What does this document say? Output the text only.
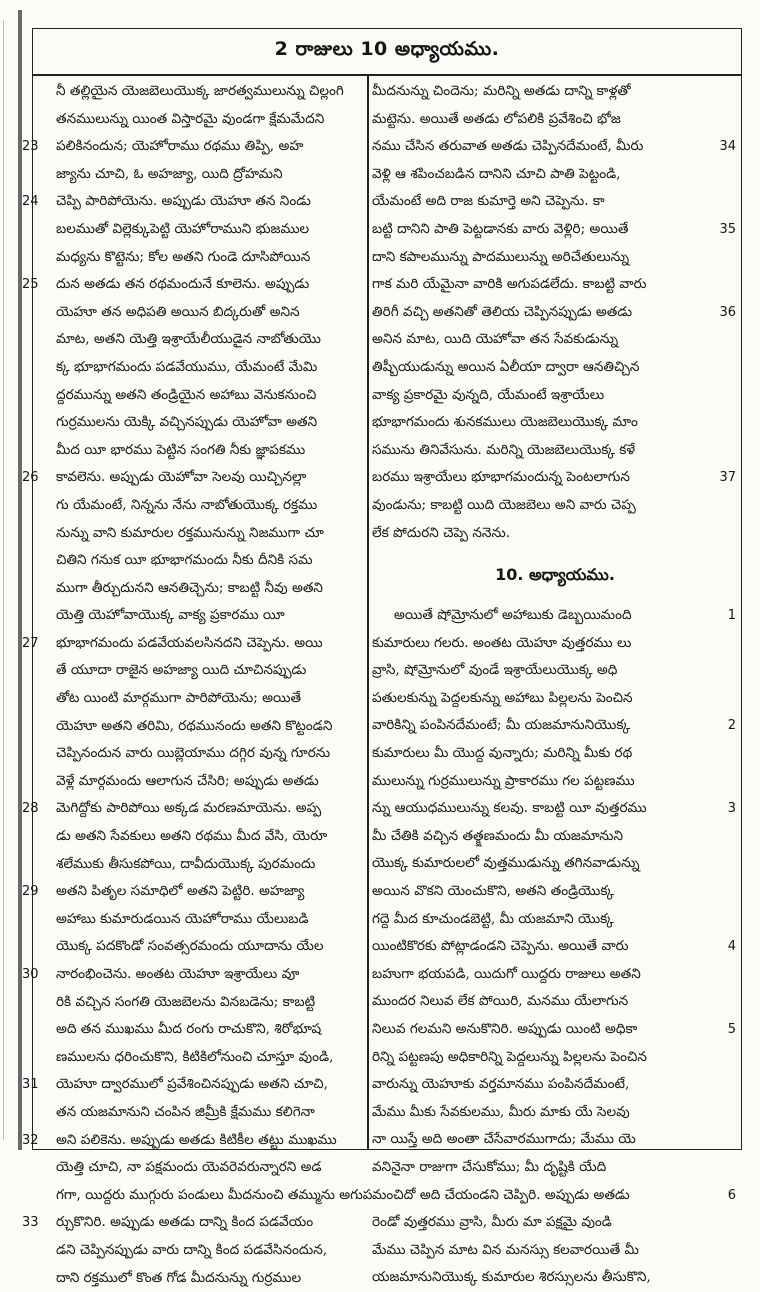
2 రాజులు 10 అధ్యాయము.
నీ తల్లియైన యెజబెలుయొక్క జారత్వములున్ను చిల్లంగి
తనములున్ను యింత విస్తారమై వుండగా క్షేమమేదని
23 పలికినందున; యెహోరాము రథము తిప్పి, అహ
జ్యాను చూచి, ఓ అహజ్యా, యిది ద్రోహమని
24 చెప్పి పారిపోయెను. అప్పుడు యెహూ తన నిండు
బలముతో విల్లెక్కుపెట్టి యెహోరాముని భుజముల
మధ్యను కొట్టెను; కోల అతని గుండె దూసిపోయిన
25 దున అతడు తన రథమందునే కూలెను. అప్పుడు
యెహూ తన అధిపతి అయిన బిద్కరుతో అనిన
మాట, అతని యెత్తి ఇశ్రాయేలీయుడైన నాబోతుయొ
క్క భూభాగమందు పడవేయుము, యేమంటే మేమి
ద్దరమున్ను అతని తండ్రియైన అహాబు వెనుకనుంచి
గుర్రములను యెక్కి వచ్చినప్పుడు యెహోవా అతని
మీద యీ భారము పెట్టిన సంగతి నీకు జ్ఞాపకము
26 కావలెను. అప్పుడు యెహోవా సెలవు యిచ్చినల్లా
గు యేమంటే, నిన్నను నేను నాబోతుయొక్క రక్తము
నున్ను వాని కుమారుల రక్తమునున్ను నిజముగా చూ
చితిని గనుక యీ భూభాగమందు నీకు దీనికి సమ
ముగా తీర్చుదునని ఆనతిచ్చెను; కాబట్టి నీవు అతని
యెత్తి యెహోవాయొక్క వాక్య ప్రకారము యీ
27 భూభాగమందు పడవేయవలసినదని చెప్పెను. అయి
తే యూదా రాజైన అహజ్యా యిది చూచినప్పుడు
తోట యింటి మార్గముగా పారిపోయెను; అయితే
యెహూ అతని తరిమి, రథమునందు అతని కొట్టండని
చెప్పినందున వారు యిబ్లెయాము దగ్గిర వున్న గూరను
వెళ్లే మార్గమందు ఆలాగున చేసిరి; అప్పుడు అతడు
28 మెగిద్దోకు పారిపోయి అక్కడ మరణమాయెను. అప్ప
డు అతని సేవకులు అతని రథము మీద వేసి, యెరూ
శలేముకు తీసుకపోయి, దావీదుయొక్క పురమందు
29 అతని పితృల సమాధిలో అతని పెట్టిరి. అహజ్యా
అహాబు కుమారుడయిన యెహోరాము యేలుబడి
యొక్క పదకొండో సంవత్సరమందు యూదాను యేల
30 నారంభించెను. అంతట యెహూ ఇశ్రాయేలు వూ
రికి వచ్చిన సంగతి యెజబెలను వినబడెను; కాబట్టి
అది తన ముఖము మీద రంగు రాచుకొని, శిరోభూష
ణములను ధరించుకొని, కిటికిలోనుంచి చూస్తూ వుండి,
31 యెహూ ద్వారములో ప్రవేశించినప్పుడు అతని చూచి,
తన యజమానుని చంపిన జిమ్రీకి క్షేమము కలిగెనా
32 అని పలికెను. అప్పుడు అతడు కిటికీల తట్టు ముఖము
యెత్తి చూచి, నా పక్షమందు యెవరెవరున్నారని అడ
గగా, యిద్దరు ముగ్గురు పండులు మీదనుంచి తమ్మును అగుప
33 ర్చుకొనిరి. అప్పుడు అతడు దాన్ని కింద పడవేయం
డని చెప్పినప్పుడు వారు దాన్ని కింద పడవేసినందున,
దాని రక్తములో కొంత గోడ మీదనున్ను గుర్రముల
మీదనున్ను చిందెను; మరిన్ని అతడు దాన్ని కాళ్లతో
మట్టెను. అయితే అతడు లోపలికి ప్రవేశించి భోజ
34
నము చేసిన తరువాత అతడు చెప్పినదేమంటే, మీరు
వెళ్లి ఆ శపించబడిన దానిని చూచి పాతి పెట్టండి,
యేమంటే అది రాజ కుమార్తె అని చెప్పెను. కా
35
బట్టి దానిని పాతి పెట్టడానకు వారు వెళ్లిరి; అయితే
దాని కపాలమున్ను పాదములున్ను అరిచేతులున్ను
గాక మరి యేమైనా వారికి అగుపడలేదు. కాబట్టి వారు
36
తిరిగీ వచ్చి అతనితో తెలియ చెప్పినప్పుడు అతడు
అనిన మాట, యిది యెహోవా తన సేవకుడున్ను
తిష్బీయుడున్ను అయిన ఏలీయా ద్వారా ఆనతిచ్చిన
వాక్య ప్రకారమై వున్నది, యేమంటే ఇశ్రాయేలు
భూభాగమందు శునకములు యెజబెలుయొక్క మాం
సమును తినివేసును. మరిన్ని యెజబెలుయొక్క కళే
37
బరము ఇశ్రాయేలు భూభాగమందున్న పెంటలాగున
వుండును; కాబట్టి యిది యెజబెలు అని వారు చెప్ప
లేక పోదురని చెప్పె ననెను.
10. అధ్యాయము.
1
అయితే షోమ్రోనులో అహాబుకు డెబ్బయిమంది
కుమారులు గలరు. అంతట యెహూ వుత్తరము లు
వ్రాసి, షోమ్రోనులో వుండే ఇశ్రాయేలుయొక్క అధి
పతులకున్ను పెద్దలకున్ను అహాబు పిల్లలను పెంచిన
2
వారికిన్ని పంపినదేమంటే; మీ యజమానునియొక్క
కుమారులు మీ యొద్ద వున్నారు; మరిన్ని మీకు రథ
ములున్ను గుర్రములున్ను ప్రాకారము గల పట్టణము
3
న్ను ఆయుధములున్ను కలవు. కాబట్టి యీ వుత్తరము
మీ చేతికి వచ్చిన తత్క్షణమందు మీ యజమానుని
యొక్క కుమారులలో వుత్తముడున్ను తగినవాడున్ను
అయిన వొకని యెంచుకొని, అతని తండ్రియొక్క
గద్దె మీద కూచుండబెట్టి, మీ యజమాని యొక్క
4
యింటికొరకు పోట్లాడండని చెప్పెను. అయితే వారు
బహుగా భయపడి, యిదుగో యిద్దరు రాజులు అతని
ముందర నిలువ లేక పోయిరి, మనము యేలాగున
5
నిలువ గలమని అనుకొనిరి. అప్పుడు యింటి అధికా
రిన్ని పట్టణపు అధికారిన్ని పెద్దలున్ను పిల్లలను పెంచిన
వారున్ను యెహూకు వర్తమానము పంపినదేమంటే,
మేము మీకు సేవకులము, మీరు మాకు యే సెలవు
నా యిస్తే అది అంతా చేసేవారముగాదు; మేము యె
వనినైనా రాజుగా చేసుకోము; మీ దృష్టికి యేది
6
మంచిదో అది చేయండని చెప్పిరి. అప్పుడు అతడు
రెండో వుత్తరము వ్రాసి, మీరు మా పక్షమై వుండి
మేము చెప్పిన మాట విన మనస్సు కలవారయితే మీ
యజమానునియొక్క కుమారుల శిరస్సులను తీసుకొని,
